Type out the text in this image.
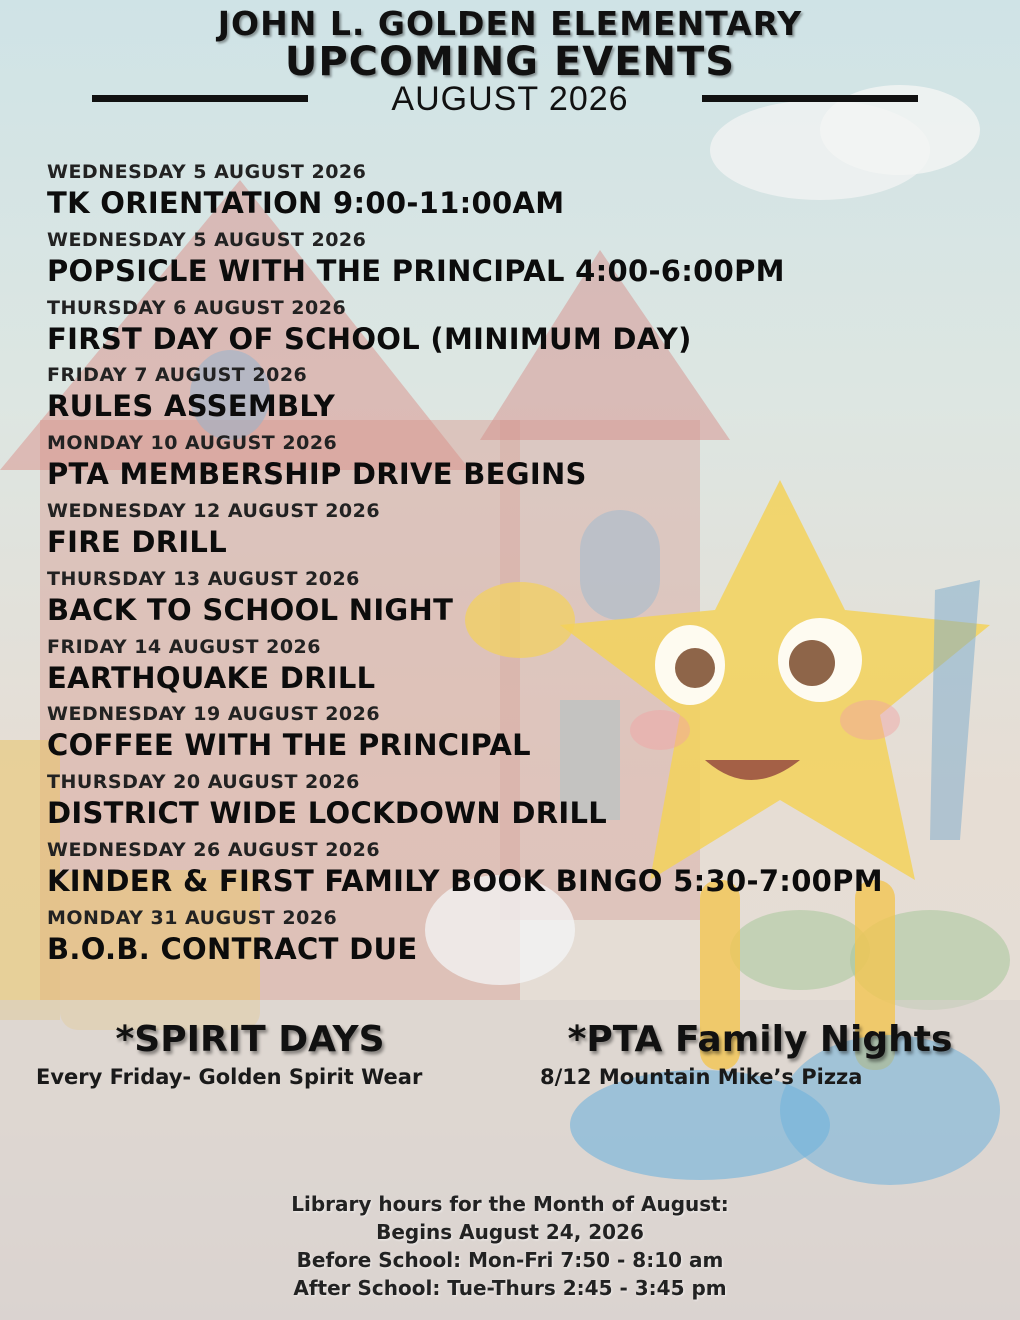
JOHN L. GOLDEN ELEMENTARY
UPCOMING EVENTS
AUGUST 2026
WEDNESDAY 5 AUGUST 2026
TK ORIENTATION 9:00-11:00AM
WEDNESDAY 5 AUGUST 2026
POPSICLE WITH THE PRINCIPAL 4:00-6:00PM
THURSDAY 6 AUGUST 2026
FIRST DAY OF SCHOOL (MINIMUM DAY)
FRIDAY 7 AUGUST 2026
RULES ASSEMBLY
MONDAY 10 AUGUST 2026
PTA MEMBERSHIP DRIVE BEGINS
WEDNESDAY 12 AUGUST 2026
FIRE DRILL
THURSDAY 13 AUGUST 2026
BACK TO SCHOOL NIGHT
FRIDAY 14 AUGUST 2026
EARTHQUAKE DRILL
WEDNESDAY 19 AUGUST 2026
COFFEE WITH THE PRINCIPAL
THURSDAY 20 AUGUST 2026
DISTRICT WIDE LOCKDOWN DRILL
WEDNESDAY 26 AUGUST 2026
KINDER & FIRST FAMILY BOOK BINGO 5:30-7:00PM
MONDAY 31 AUGUST 2026
B.O.B. CONTRACT DUE
*SPIRIT DAYS
Every Friday- Golden Spirit Wear
*PTA Family Nights
8/12 Mountain Mike’s Pizza
Library hours for the Month of August:
Begins August 24, 2026
Before School: Mon-Fri 7:50 - 8:10 am
After School: Tue-Thurs 2:45 - 3:45 pm
